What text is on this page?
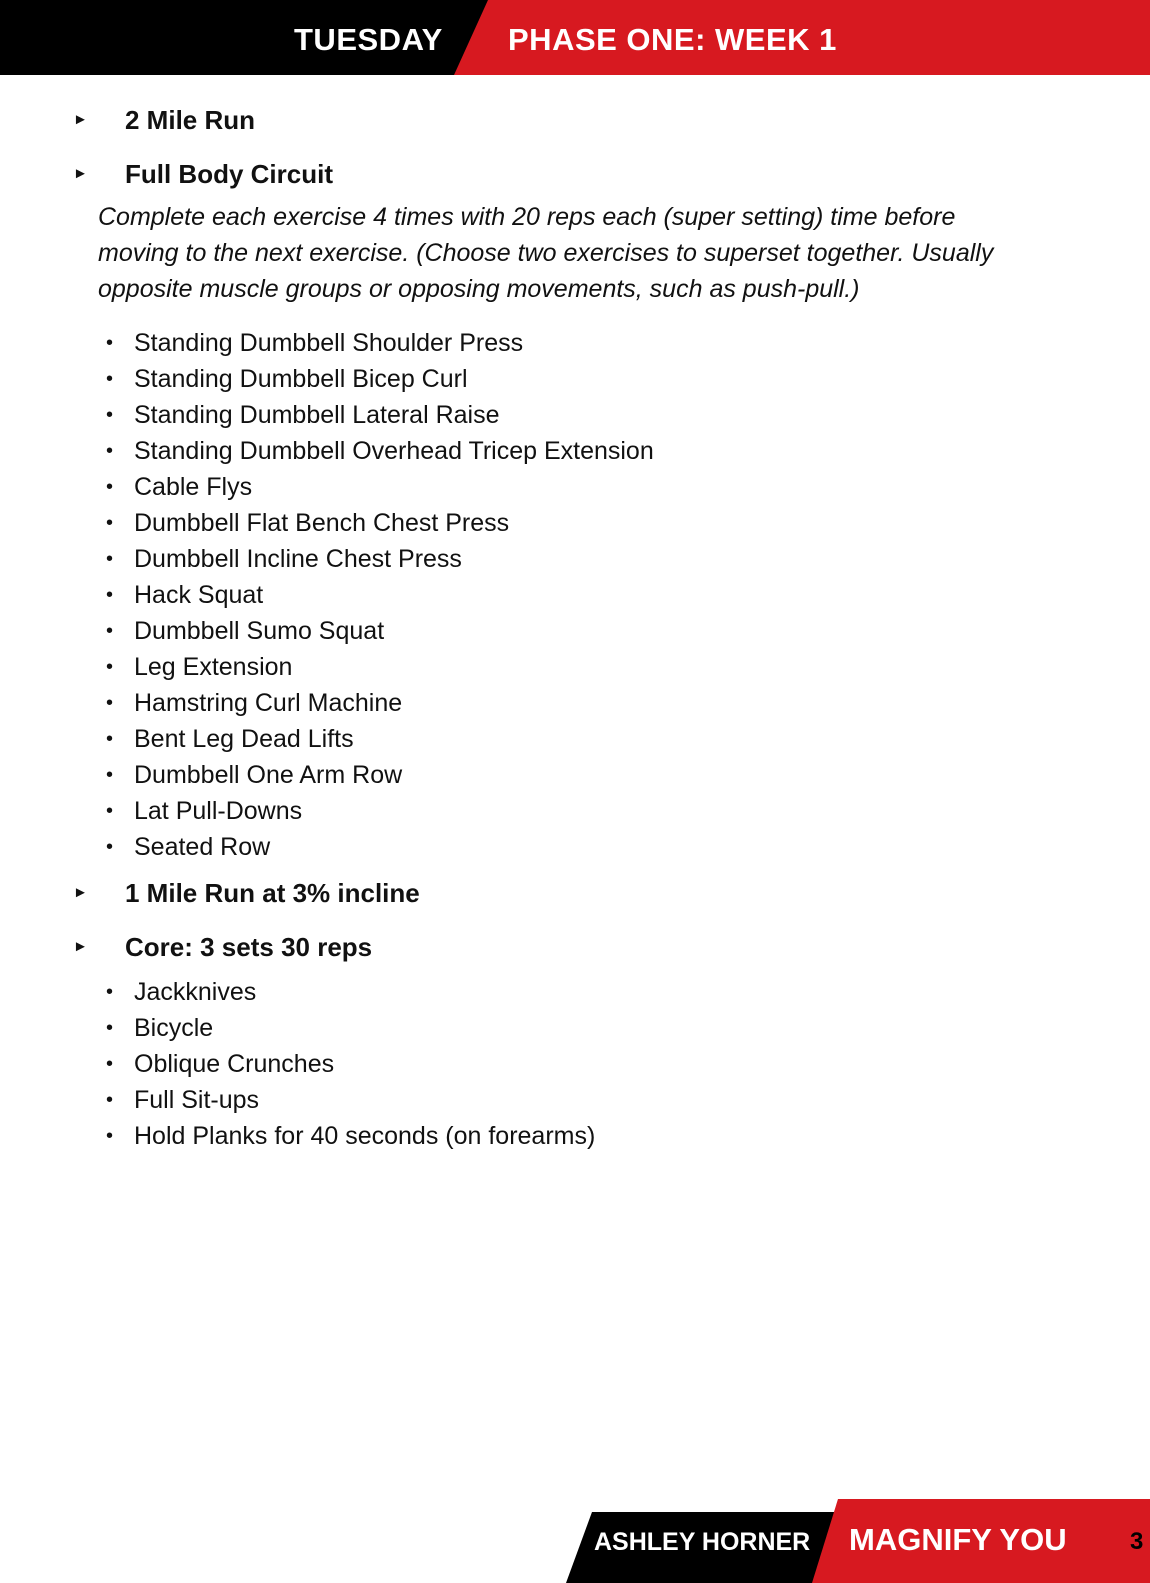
TUESDAY PHASE ONE: WEEK 1
► 2 Mile Run
► Full Body Circuit
Complete each exercise 4 times with 20 reps each (super setting) time before moving to the next exercise. (Choose two exercises to superset together. Usually opposite muscle groups or opposing movements, such as push-pull.)
• Standing Dumbbell Shoulder Press
• Standing Dumbbell Bicep Curl
• Standing Dumbbell Lateral Raise
• Standing Dumbbell Overhead Tricep Extension
• Cable Flys
• Dumbbell Flat Bench Chest Press
• Dumbbell Incline Chest Press
• Hack Squat
• Dumbbell Sumo Squat
• Leg Extension
• Hamstring Curl Machine
• Bent Leg Dead Lifts
• Dumbbell One Arm Row
• Lat Pull-Downs
• Seated Row
► 1 Mile Run at 3% incline
► Core: 3 sets 30 reps
• Jackknives
• Bicycle
• Oblique Crunches
• Full Sit-ups
• Hold Planks for 40 seconds (on forearms)
ASHLEY HORNER MAGNIFY YOU	3
